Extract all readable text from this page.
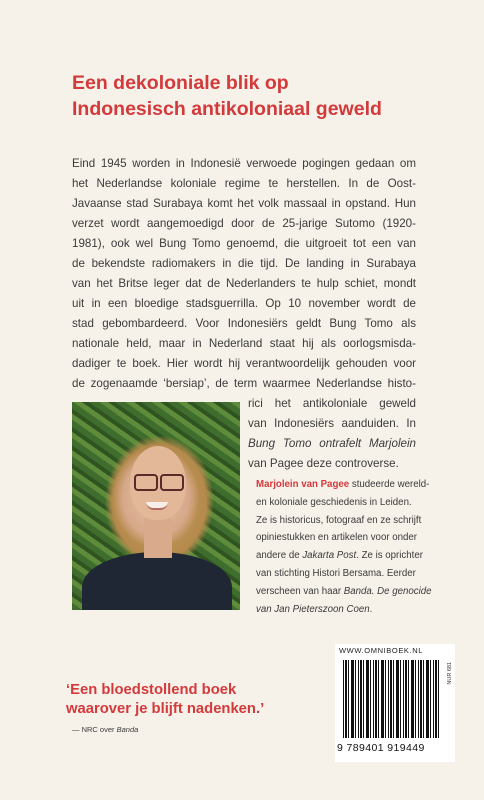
Een dekoloniale blik op
Indonesisch antikoloniaal geweld
Eind 1945 worden in Indonesië verwoede pogingen gedaan om
het Nederlandse koloniale regime te herstellen. In de Oost-
Javaanse stad Surabaya komt het volk massaal in opstand. Hun
verzet wordt aangemoedigd door de 25-jarige Sutomo (1920-
1981), ook wel Bung Tomo genoemd, die uitgroeit tot een van
de bekendste radiomakers in die tijd. De landing in Surabaya
van het Britse leger dat de Nederlanders te hulp schiet, mondt
uit in een bloedige stadsguerrilla. Op 10 november wordt de
stad gebombardeerd. Voor Indonesiërs geldt Bung Tomo als
nationale held, maar in Nederland staat hij als oorlogsmisda-
dadiger te boek. Hier wordt hij verantwoordelijk gehouden voor
de zogenaamde ‘bersiap’, de term waarmee Nederlandse histo-
rici het antikoloniale geweld
van Indonesiërs aanduiden. In
Bung Tomo ontrafelt Marjolein
van Pagee deze controverse.
Marjolein van Pagee studeerde wereld-
en koloniale geschiedenis in Leiden.
Ze is historicus, fotograaf en ze schrijft
opiniestukken en artikelen voor onder
andere de Jakarta Post. Ze is oprichter
van stichting Histori Bersama. Eerder
verscheen van haar Banda. De genocide
van Jan Pieterszoon Coen.
WWW.OMNIBOEK.NL
NUR 681
9 789401 919449
‘Een bloedstollend boek
waarover je blijft nadenken.’
— NRC over Banda
